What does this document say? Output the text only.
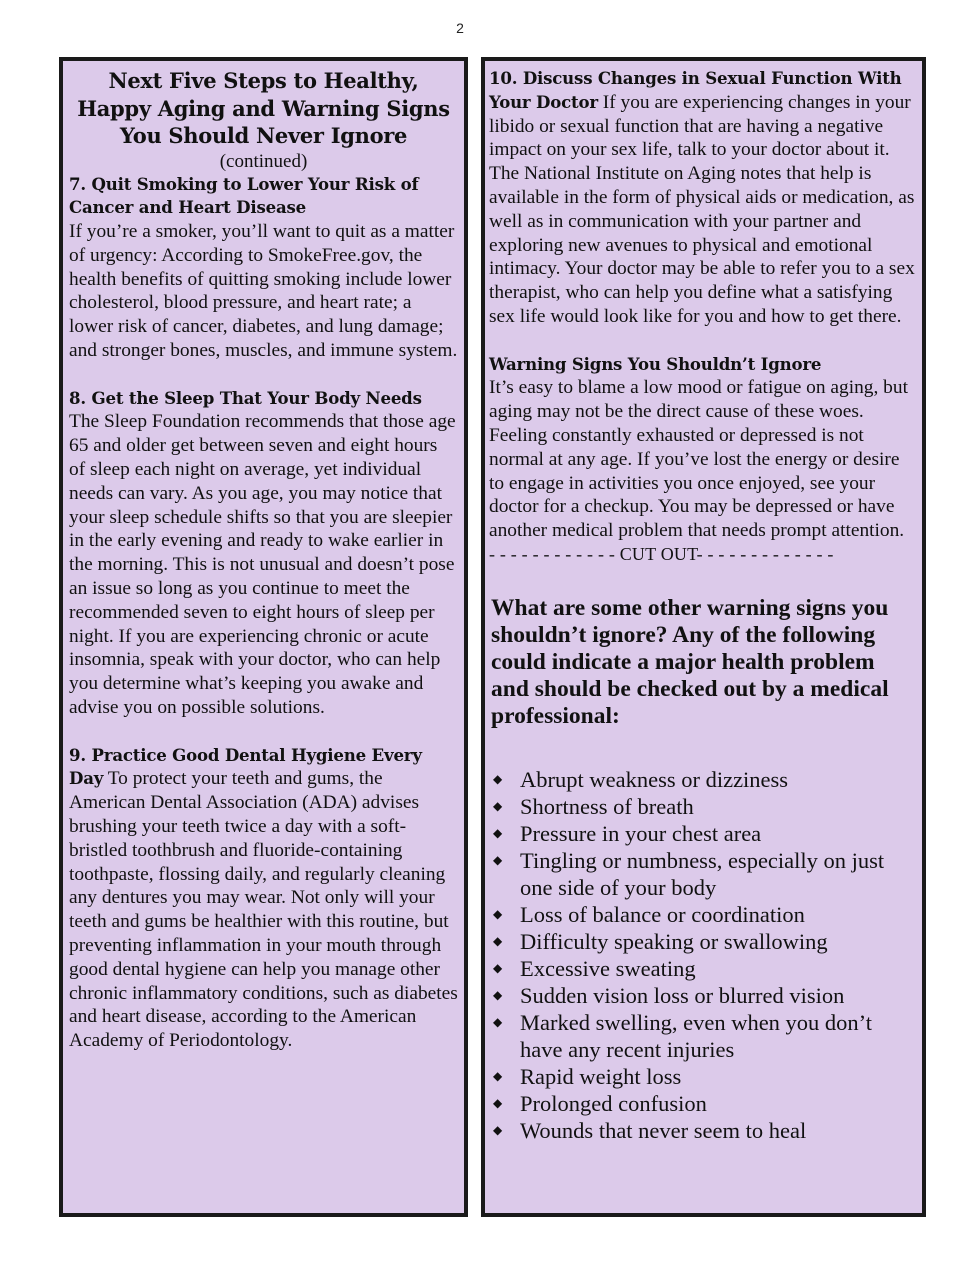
2
Next Five Steps to Healthy, Happy Aging and Warning Signs You Should Never Ignore

(continued)

7. Quit Smoking to Lower Your Risk of Cancer and Heart Disease
If you’re a smoker, you’ll want to quit as a matter of urgency: According to SmokeFree.gov, the health benefits of quitting smoking include lower cholesterol, blood pressure, and heart rate; a lower risk of cancer, diabetes, and lung damage; and stronger bones, muscles, and immune system.

8. Get the Sleep That Your Body Needs
The Sleep Foundation recommends that those age 65 and older get between seven and eight hours of sleep each night on average, yet individual needs can vary. As you age, you may notice that your sleep schedule shifts so that you are sleepier in the early evening and ready to wake earlier in the morning. This is not unusual and doesn’t pose an issue so long as you continue to meet the recommended seven to eight hours of sleep per night. If you are experiencing chronic or acute insomnia, speak with your doctor, who can help you determine what’s keeping you awake and advise you on possible solutions.

9. Practice Good Dental Hygiene Every Day To protect your teeth and gums, the American Dental Association (ADA) advises brushing your teeth twice a day with a soft-bristled toothbrush and fluoride-containing toothpaste, flossing daily, and regularly cleaning any dentures you may wear. Not only will your teeth and gums be healthier with this routine, but preventing inflammation in your mouth through good dental hygiene can help you manage other chronic inflammatory conditions, such as diabetes and heart disease, according to the American Academy of Periodontology.

10. Discuss Changes in Sexual Function With Your Doctor If you are experiencing changes in your libido or sexual function that are having a negative impact on your sex life, talk to your doctor about it. The National Institute on Aging notes that help is available in the form of physical aids or medication, as well as in communication with your partner and exploring new avenues to physical and emotional intimacy. Your doctor may be able to refer you to a sex therapist, who can help you define what a satisfying sex life would look like for you and how to get there.

Warning Signs You Shouldn’t Ignore
It’s easy to blame a low mood or fatigue on aging, but aging may not be the direct cause of these woes. Feeling constantly exhausted or depressed is not normal at any age. If you’ve lost the energy or desire to engage in activities you once enjoyed, see your doctor for a checkup. You may be depressed or have another medical problem that needs prompt attention.

- - - - - - - - - - - - CUT OUT- - - - - - - - - - - - -

What are some other warning signs you shouldn’t ignore? Any of the following could indicate a major health problem and should be checked out by a medical professional:

◆ Abrupt weakness or dizziness
◆ Shortness of breath
◆ Pressure in your chest area
◆ Tingling or numbness, especially on just one side of your body
◆ Loss of balance or coordination
◆ Difficulty speaking or swallowing
◆ Excessive sweating
◆ Sudden vision loss or blurred vision
◆ Marked swelling, even when you don’t have any recent injuries
◆ Rapid weight loss
◆ Prolonged confusion
◆ Wounds that never seem to heal
